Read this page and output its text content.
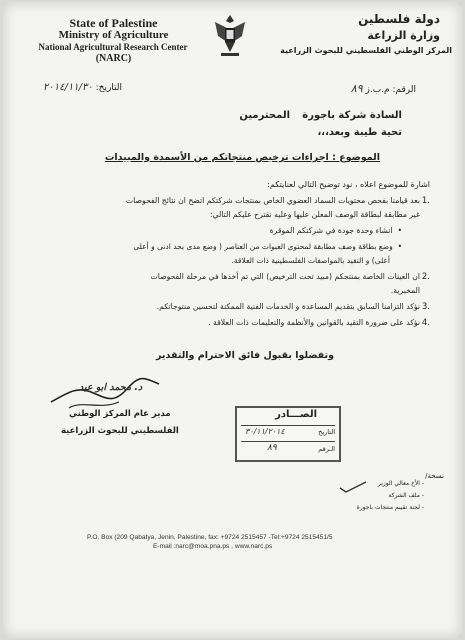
State of Palestine
Ministry of Agriculture
National Agricultural Research Center
(NARC)
دولة فلسطين
وزارة الزراعة
المركز الوطني الفلسطيني للبحوث الزراعية
الرقم: م.ب.ز ٨٩
التاريخ: ٢٠١٤/١١/٣٠
السادة شركة باجورة
المحترمين
تحية طيبة وبعد،،،
الموضوع : اجراءات ترخيص منتجاتكم من الأسمدة والمبيدات
اشارة للموضوع اعلاه ، نود توضيح التالي لعنايتكم:
.1
بعد قيامنا بفحص محتويات السماد العضوي الخاص بمنتجات شركتكم اتضح ان نتائج الفحوصات
غير مطابقة لبطاقة الوصف المعلن عليها وعليه نقترح عليكم التالي:
•  انشاء وحدة جودة في شركتكم الموقرة
•  وضع بطاقة وصف مطابقة لمحتوى العبوات من العناصر ( وضع مدى بحد ادنى و أعلى
أعلى) و التقيد بالمواصفات الفلسطينية ذات العلاقة.
.2
ان العينات الخاصة بمنتجكم (مبيد تحت الترخيص) التي تم أخذها في مرحلة الفحوصات
المخبرية.
.3
نؤكد التزامنا السابق بتقديم المساعدة و الخدمات الفنية الممكنة لتحسين منتوجاتكم.
.4
نؤكد على ضرورة التقيد بالقوانين والأنظمة والتعليمات ذات العلاقة .
وتفضلوا بقبول فائق الاحترام والتقدير
د. محمد ابو عيد
مدير عام المركز الوطني
الفلسطيني للبحوث الزراعية
الصـــادر
التاريخ
٣٠/١١/٢٠١٤
الـرقم
٨٩
نسخة/
- الأخ معالي الوزير
- ملف الشركة
- لجنة تقييم منتجات باجورة
P.O. Box (209 Qabatya, Jenin, Palestine, fax: +9724 2515457 -Tel:+9724 2515451/5
E-mail :narc@moa.pna.ps , www.narc.ps
